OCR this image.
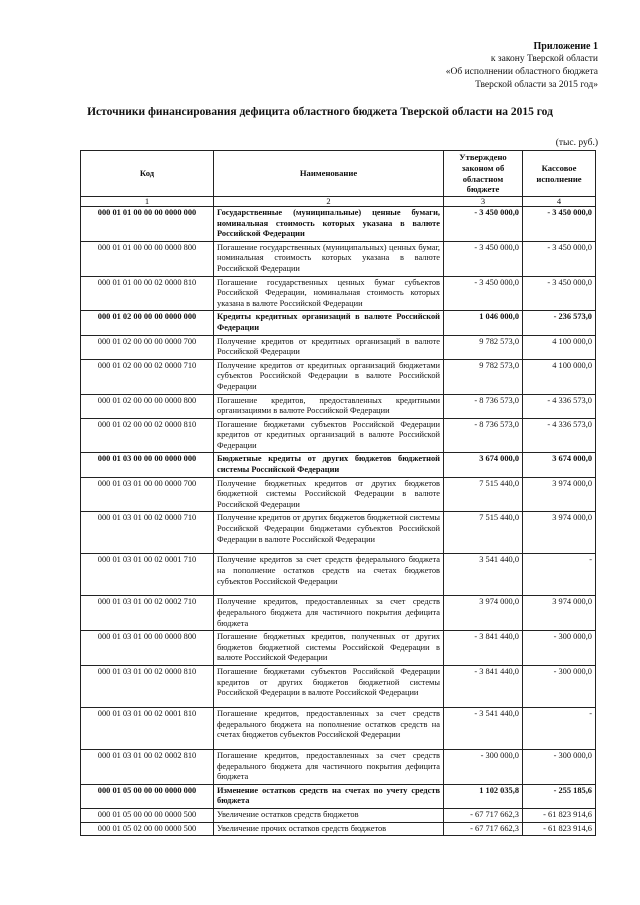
Приложение 1
к закону Тверской области
«Об исполнении областного бюджета
Тверской области за 2015 год»
Источники финансирования дефицита областного бюджета Тверской области на 2015 год
(тыс. руб.)
Код	Наименование	Утверждено законом об областном бюджете	Кассовое исполнение
1	2	3	4
000 01 01 00 00 00 0000 000	Государственные (муниципальные) ценные бумаги, номинальная стоимость которых указана в валюте Российской Федерации	- 3 450 000,0	- 3 450 000,0
000 01 01 00 00 00 0000 800	Погашение государственных (муниципальных) ценных бумаг, номинальная стоимость которых указана в валюте Российской Федерации	- 3 450 000,0	- 3 450 000,0
000 01 01 00 00 02 0000 810	Погашение государственных ценных бумаг субъектов Российской Федерации, номинальная стоимость которых указана в валюте Российской Федерации	- 3 450 000,0	- 3 450 000,0
000 01 02 00 00 00 0000 000	Кредиты кредитных организаций в валюте Российской Федерации	1 046 000,0	- 236 573,0
000 01 02 00 00 00 0000 700	Получение кредитов от кредитных организаций в валюте Российской Федерации	9 782 573,0	4 100 000,0
000 01 02 00 00 02 0000 710	Получение кредитов от кредитных организаций бюджетами субъектов Российской Федерации в валюте Российской Федерации	9 782 573,0	4 100 000,0
000 01 02 00 00 00 0000 800	Погашение кредитов, предоставленных кредитными организациями в валюте Российской Федерации	- 8 736 573,0	- 4 336 573,0
000 01 02 00 00 02 0000 810	Погашение бюджетами субъектов Российской Федерации кредитов от кредитных организаций в валюте Российской Федерации	- 8 736 573,0	- 4 336 573,0
000 01 03 00 00 00 0000 000	Бюджетные кредиты от других бюджетов бюджетной системы Российской Федерации	3 674 000,0	3 674 000,0
000 01 03 01 00 00 0000 700	Получение бюджетных кредитов от других бюджетов бюджетной системы Российской Федерации в валюте Российской Федерации	7 515 440,0	3 974 000,0
000 01 03 01 00 02 0000 710	Получение кредитов от других бюджетов бюджетной системы Российской Федерации бюджетами субъектов Российской Федерации в валюте Российской Федерации	7 515 440,0	3 974 000,0
000 01 03 01 00 02 0001 710	Получение кредитов за счет средств федерального бюджета на пополнение остатков средств на счетах бюджетов субъектов Российской Федерации	3 541 440,0	-
000 01 03 01 00 02 0002 710	Получение кредитов, предоставленных за счет средств федерального бюджета для частичного покрытия дефицита бюджета	3 974 000,0	3 974 000,0
000 01 03 01 00 00 0000 800	Погашение бюджетных кредитов, полученных от других бюджетов бюджетной системы Российской Федерации в валюте Российской Федерации	- 3 841 440,0	- 300 000,0
000 01 03 01 00 02 0000 810	Погашение бюджетами субъектов Российской Федерации кредитов от других бюджетов бюджетной системы Российской Федерации в валюте Российской Федерации	- 3 841 440,0	- 300 000,0
000 01 03 01 00 02 0001 810	Погашение кредитов, предоставленных за счет средств федерального бюджета на пополнение остатков средств на счетах бюджетов субъектов Российской Федерации	- 3 541 440,0	-
000 01 03 01 00 02 0002 810	Погашение кредитов, предоставленных за счет средств федерального бюджета для частичного покрытия дефицита бюджета	- 300 000,0	- 300 000,0
000 01 05 00 00 00 0000 000	Изменение остатков средств на счетах по учету средств бюджета	1 102 035,8	- 255 185,6
000 01 05 00 00 00 0000 500	Увеличение остатков средств бюджетов	- 67 717 662,3	- 61 823 914,6
000 01 05 02 00 00 0000 500	Увеличение прочих остатков средств бюджетов	- 67 717 662,3	- 61 823 914,6
